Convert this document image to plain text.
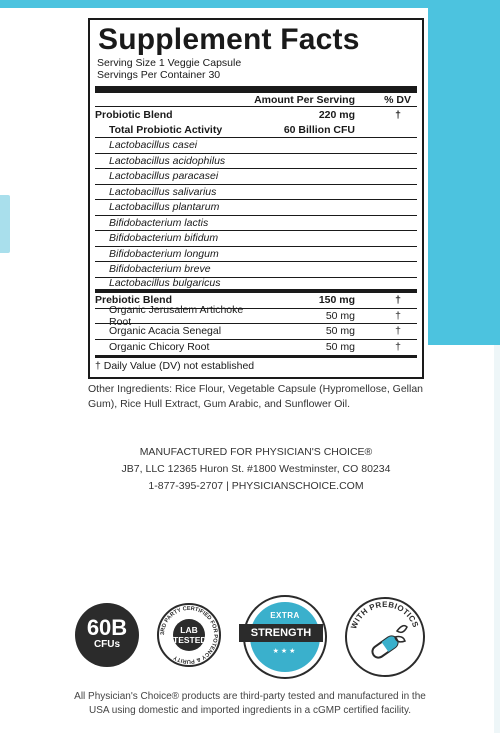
Supplement Facts
Serving Size 1 Veggie Capsule
Servings Per Container 30
Amount Per Serving	% DV
Probiotic Blend	220 mg	†
Total Probiotic Activity	60 Billion CFU
Lactobacillus casei
Lactobacillus acidophilus
Lactobacillus paracasei
Lactobacillus salivarius
Lactobacillus plantarum
Bifidobacterium lactis
Bifidobacterium bifidum
Bifidobacterium longum
Bifidobacterium breve
Lactobacillus bulgaricus
Prebiotic Blend	150 mg	†
Organic Jerusalem Artichoke Root	50 mg	†
Organic Acacia Senegal	50 mg	†
Organic Chicory Root	50 mg	†
† Daily Value (DV) not established
Other Ingredients: Rice Flour, Vegetable Capsule (Hypromellose, Gellan Gum), Rice Hull Extract, Gum Arabic, and Sunflower Oil.
MANUFACTURED FOR PHYSICIAN'S CHOICE®
JB7, LLC 12365 Huron St. #1800 Westminster, CO 80234
1-877-395-2707 | PHYSICIANSCHOICE.COM
60B
CFUs
3RD PARTY CERTIFIED FOR POTENCY & PURITY
LAB TESTED
EXTRA
STRENGTH
★★★
WITH PREBIOTICS
All Physician's Choice® products are third-party tested and manufactured in the USA using domestic and imported ingredients in a cGMP certified facility.
